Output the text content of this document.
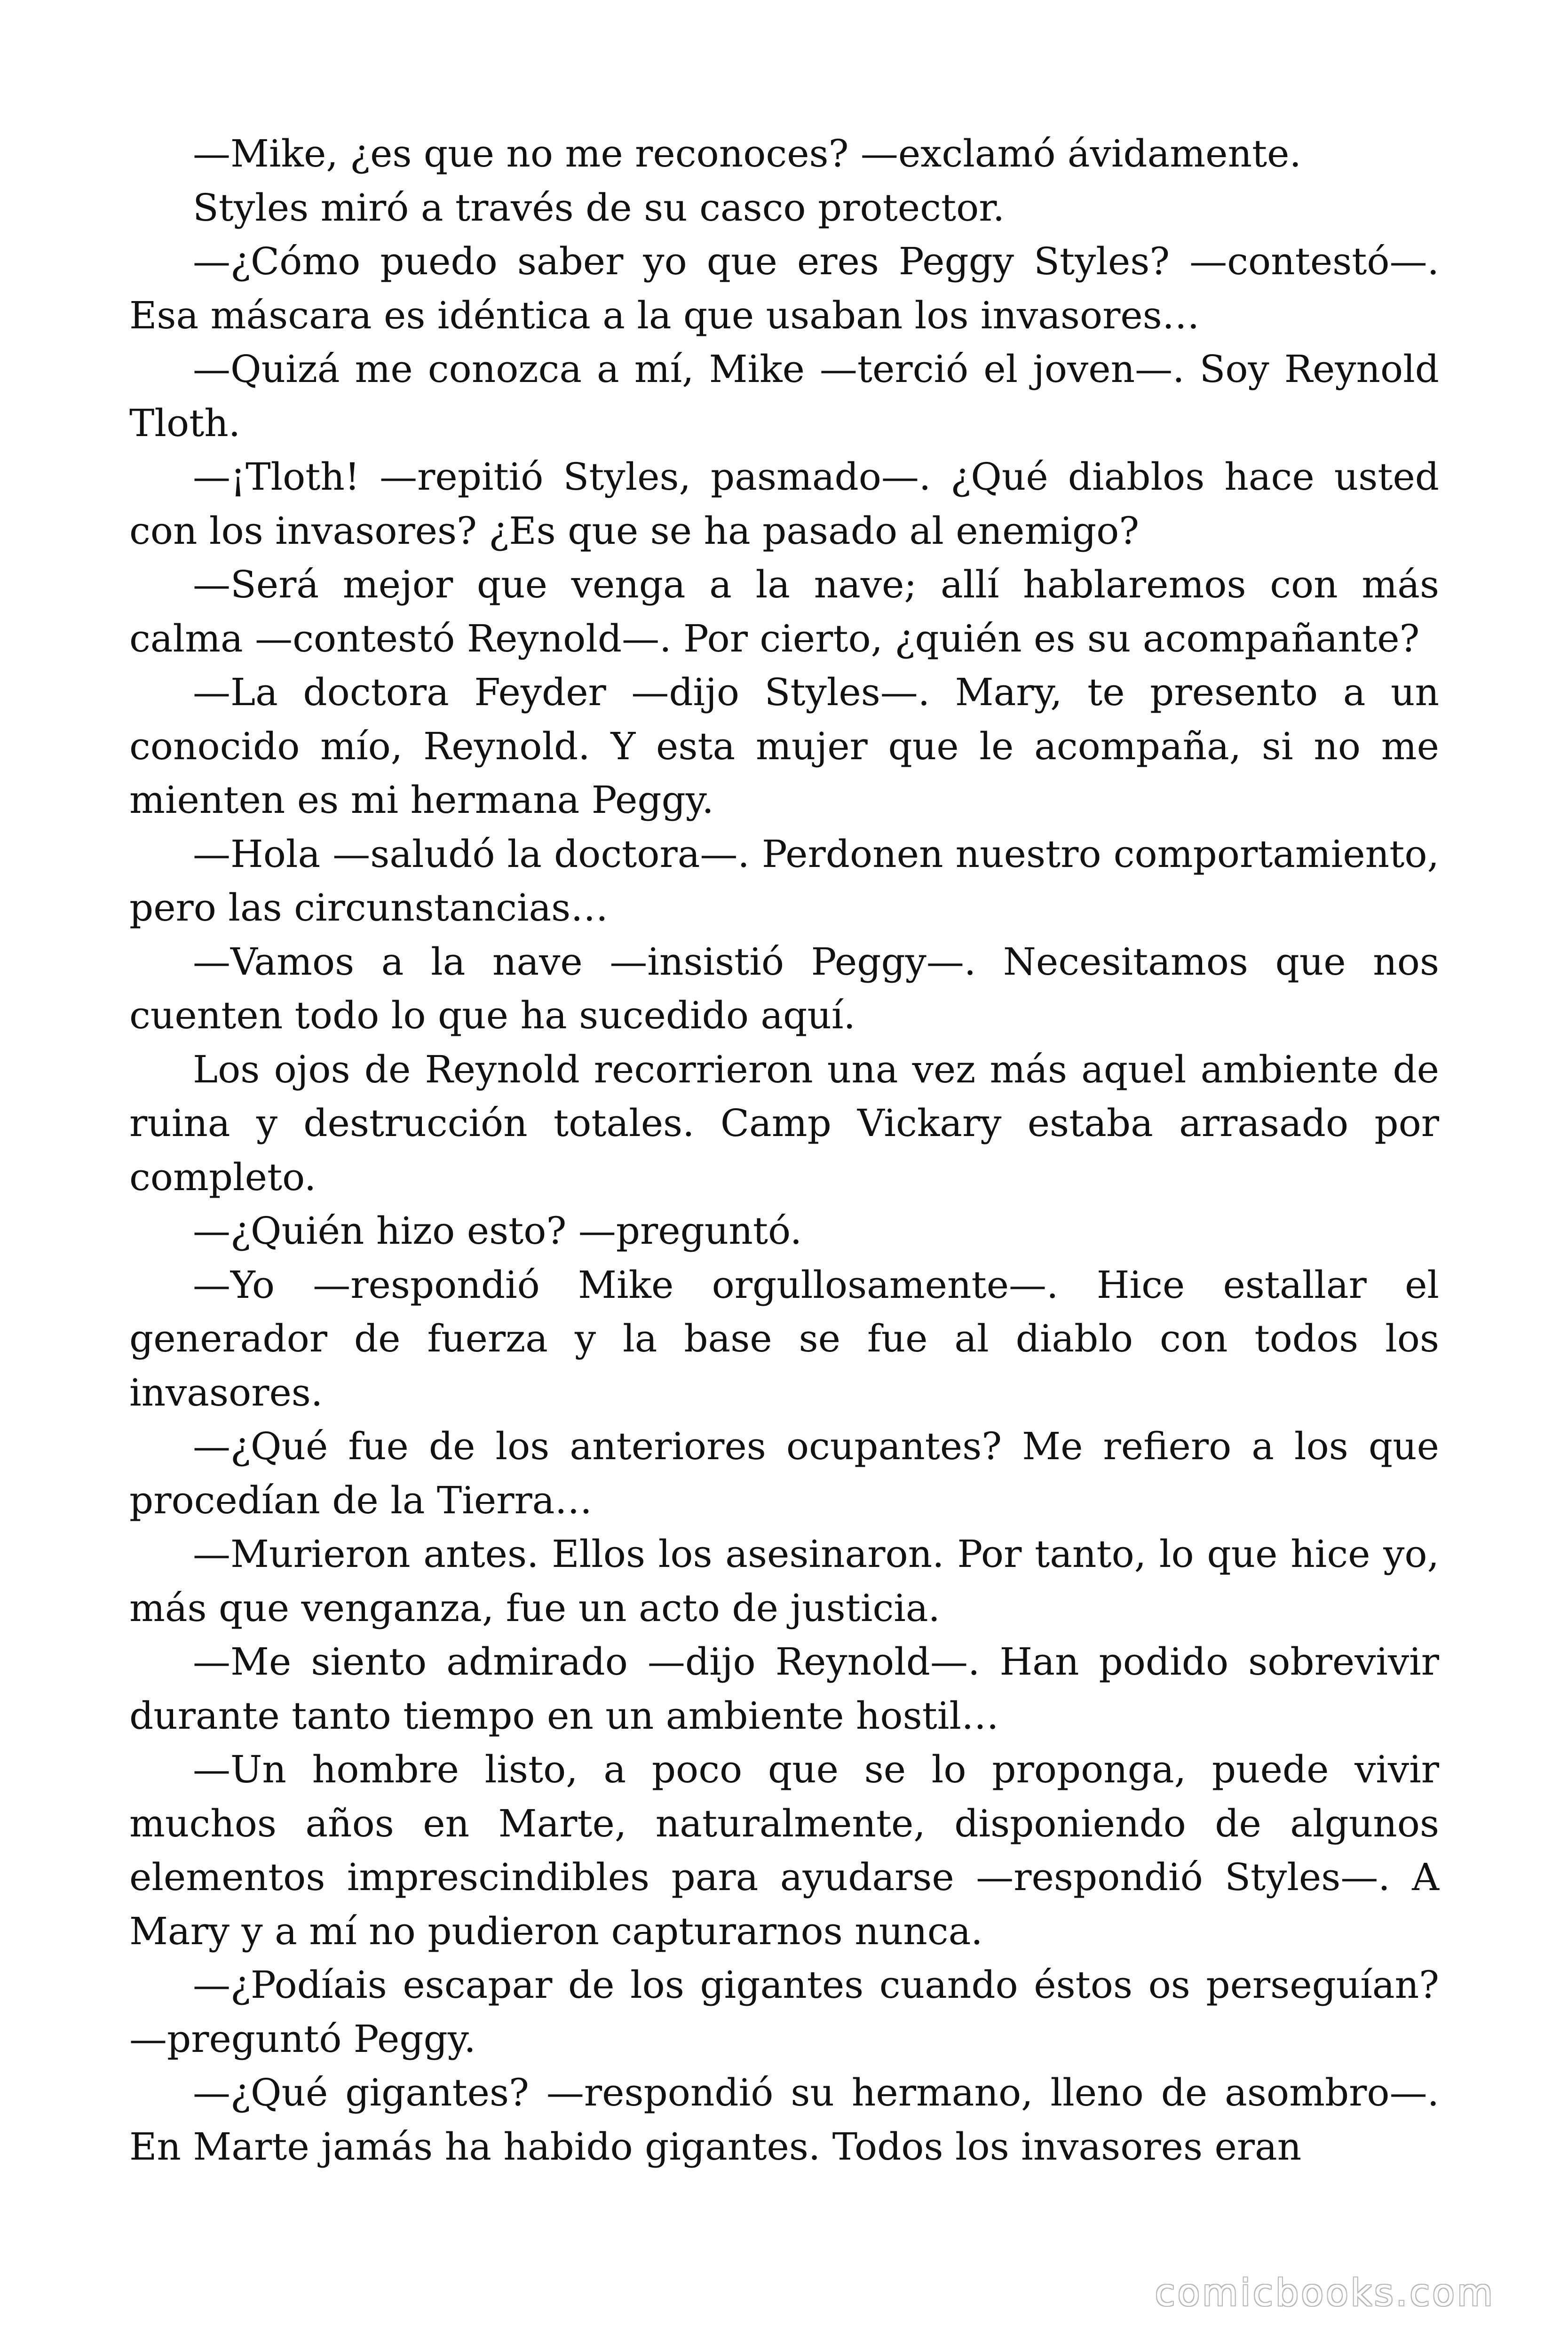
—Mike, ¿es que no me reconoces? —exclamó ávidamente.

Styles miró a través de su casco protector.

—¿Cómo puedo saber yo que eres Peggy Styles? —contestó—. Esa máscara es idéntica a la que usaban los invasores…

—Quizá me conozca a mí, Mike —terció el joven—. Soy Reynold Tloth.

—¡Tloth! —repitió Styles, pasmado—. ¿Qué diablos hace usted con los invasores? ¿Es que se ha pasado al enemigo?

—Será mejor que venga a la nave; allí hablaremos con más calma —contestó Reynold—. Por cierto, ¿quién es su acompañante?

—La doctora Feyder —dijo Styles—. Mary, te presento a un conocido mío, Reynold. Y esta mujer que le acompaña, si no me mienten es mi hermana Peggy.

—Hola —saludó la doctora—. Perdonen nuestro comportamiento, pero las circunstancias…

—Vamos a la nave —insistió Peggy—. Necesitamos que nos cuenten todo lo que ha sucedido aquí.

Los ojos de Reynold recorrieron una vez más aquel ambiente de ruina y destrucción totales. Camp Vickary estaba arrasado por completo.

—¿Quién hizo esto? —preguntó.

—Yo —respondió Mike orgullosamente—. Hice estallar el generador de fuerza y la base se fue al diablo con todos los invasores.

—¿Qué fue de los anteriores ocupantes? Me refiero a los que procedían de la Tierra…

—Murieron antes. Ellos los asesinaron. Por tanto, lo que hice yo, más que venganza, fue un acto de justicia.

—Me siento admirado —dijo Reynold—. Han podido sobrevivir durante tanto tiempo en un ambiente hostil…

—Un hombre listo, a poco que se lo proponga, puede vivir muchos años en Marte, naturalmente, disponiendo de algunos elementos imprescindibles para ayudarse —respondió Styles—. A Mary y a mí no pudieron capturarnos nunca.

—¿Podíais escapar de los gigantes cuando éstos os perseguían? —preguntó Peggy.

—¿Qué gigantes? —respondió su hermano, lleno de asombro—. En Marte jamás ha habido gigantes. Todos los invasores eran

comicbooks.com
